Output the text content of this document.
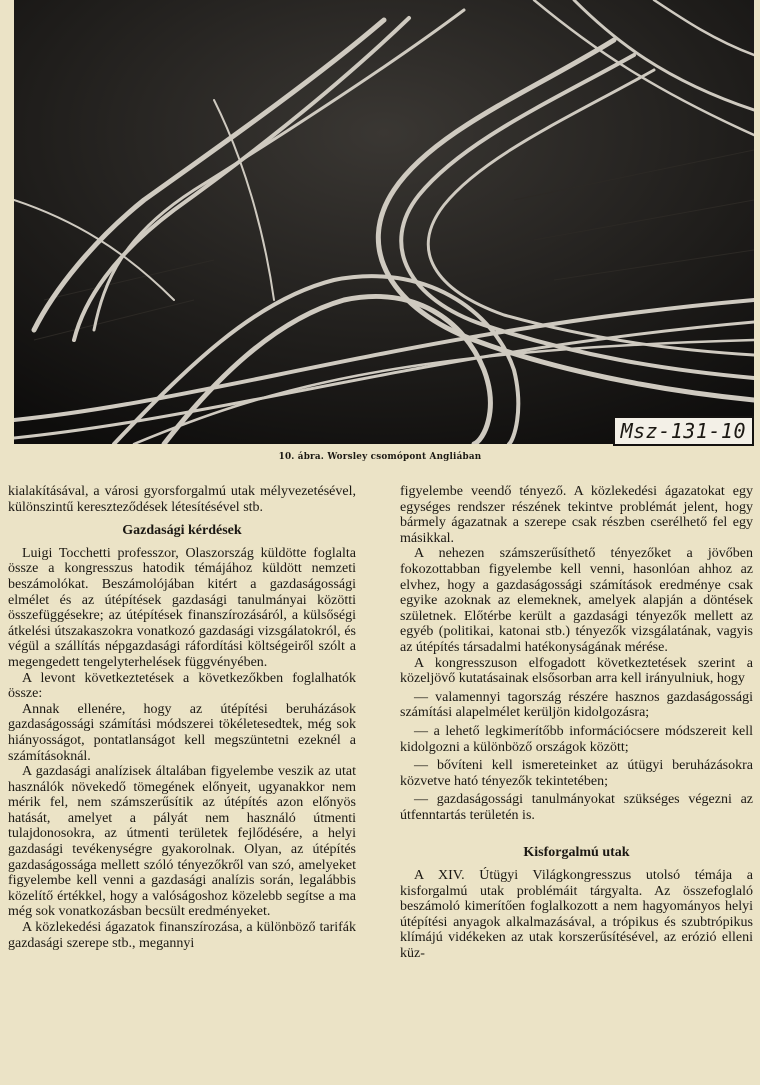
Msz-131-10
10. ábra. Worsley csomópont Angliában

kialakításával, a városi gyorsforgalmú utak mélyvezetésével, különszintű kereszteződések létesítésével stb.

Gazdasági kérdések

Luigi Tocchetti professzor, Olaszország küldötte foglalta össze a kongresszus hatodik témájához küldött nemzeti beszámolókat. Beszámolójában kitért a gazdaságossági elmélet és az útépítések gazdasági tanulmányai közötti összefüggésekre; az útépítések finanszírozásáról, a külsőségi átkelési útszakaszokra vonatkozó gazdasági vizsgálatokról, és végül a szállítás népgazdasági ráfordítási költségeiről szólt a megengedett tengelyterhelések függvényében.

A levont következtetések a következőkben foglalhatók össze:

Annak ellenére, hogy az útépítési beruházások gazdaságossági számítási módszerei tökéletesedtek, még sok hiányosságot, pontatlanságot kell megszüntetni ezeknél a számításoknál.

A gazdasági analízisek általában figyelembe veszik az utat használók növekedő tömegének előnyeit, ugyanakkor nem mérik fel, nem számszerűsítik az útépítés azon előnyös hatását, amelyet a pályát nem használó útmenti tulajdonosokra, az útmenti területek fejlődésére, a helyi gazdasági tevékenységre gyakorolnak. Olyan, az útépítés gazdaságossága mellett szóló tényezőkről van szó, amelyeket figyelembe kell venni a gazdasági analízis során, legalábbis közelítő értékkel, hogy a valóságoshoz közelebb segítse a ma még sok vonatkozásban becsült eredményeket.

A közlekedési ágazatok finanszírozása, a különböző tarifák gazdasági szerepe stb., megannyi

figyelembe veendő tényező. A közlekedési ágazatokat egy egységes rendszer részének tekintve problémát jelent, hogy bármely ágazatnak a szerepe csak részben cserélhető fel egy másikkal.

A nehezen számszerűsíthető tényezőket a jövőben fokozottabban figyelembe kell venni, hasonlóan ahhoz az elvhez, hogy a gazdaságossági számítások eredménye csak egyike azoknak az elemeknek, amelyek alapján a döntések születnek. Előtérbe került a gazdasági tényezők mellett az egyéb (politikai, katonai stb.) tényezők vizsgálatának, vagyis az útépítés társadalmi hatékonyságának mérése.

A kongresszuson elfogadott következtetések szerint a közeljövő kutatásainak elsősorban arra kell irányulniuk, hogy

— valamennyi tagország részére hasznos gazdaságossági számítási alapelmélet kerüljön kidolgozásra;

— a lehető legkimerítőbb információcsere módszereit kell kidolgozni a különböző országok között;

— bővíteni kell ismereteinket az útügyi beruházásokra közvetve ható tényezők tekintetében;

— gazdaságossági tanulmányokat szükséges végezni az útfenntartás területén is.

Kisforgalmú utak

A XIV. Útügyi Világkongresszus utolsó témája a kisforgalmú utak problémáit tárgyalta. Az összefoglaló beszámoló kimerítően foglalkozott a nem hagyományos helyi útépítési anyagok alkalmazásával, a trópikus és szubtrópikus klímájú vidékeken az utak korszerűsítésével, az erózió elleni küz-
